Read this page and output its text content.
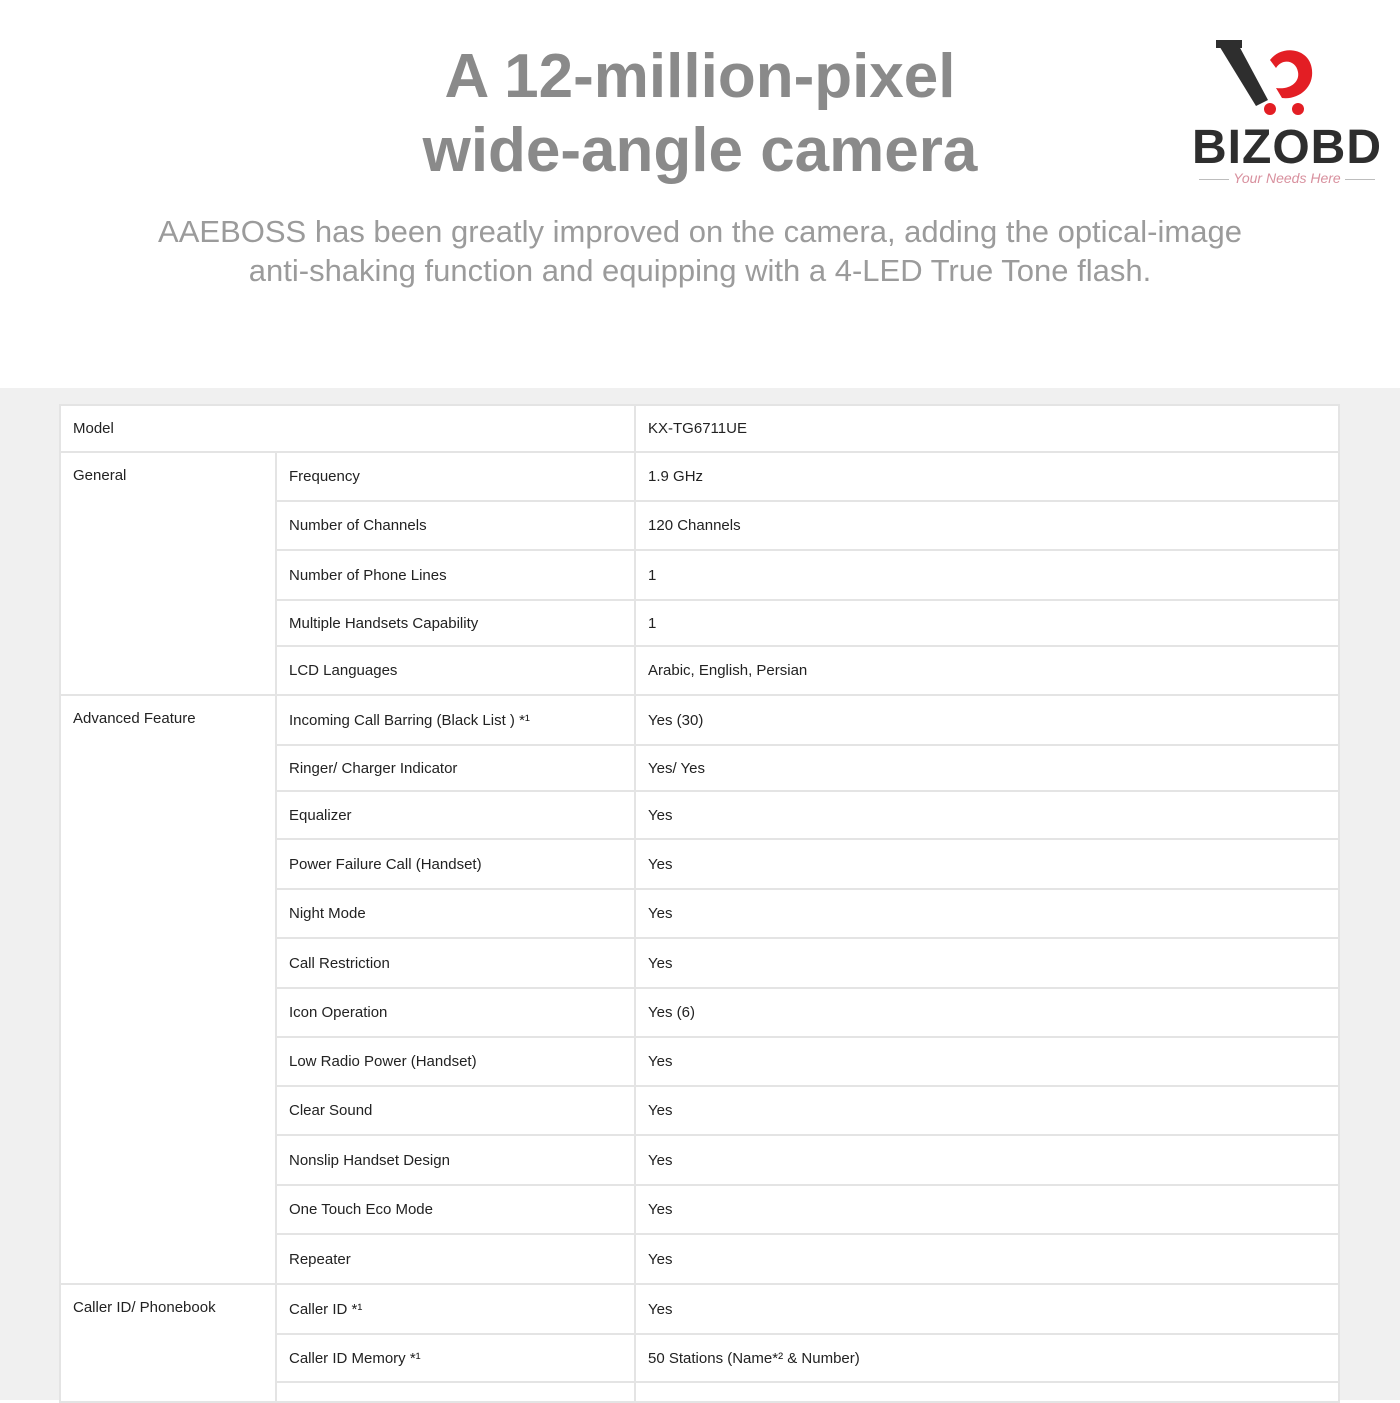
A 12-million-pixel
wide-angle camera
AAEBOSS has been greatly improved on the camera, adding the optical-image
anti-shaking function and equipping with a 4-LED True Tone flash.
BIZOBD
Your Needs Here
Model		KX-TG6711UE
General	Frequency	1.9 GHz
	Number of Channels	120 Channels
	Number of Phone Lines	1
	Multiple Handsets Capability	1
	LCD Languages	Arabic, English, Persian
Advanced Feature	Incoming Call Barring (Black List ) *¹	Yes (30)
	Ringer/ Charger Indicator	Yes/ Yes
	Equalizer	Yes
	Power Failure Call (Handset)	Yes
	Night Mode	Yes
	Call Restriction	Yes
	Icon Operation	Yes (6)
	Low Radio Power (Handset)	Yes
	Clear Sound	Yes
	Nonslip Handset Design	Yes
	One Touch Eco Mode	Yes
	Repeater	Yes
Caller ID/ Phonebook	Caller ID *¹	Yes
	Caller ID Memory *¹	50 Stations (Name*² & Number)
